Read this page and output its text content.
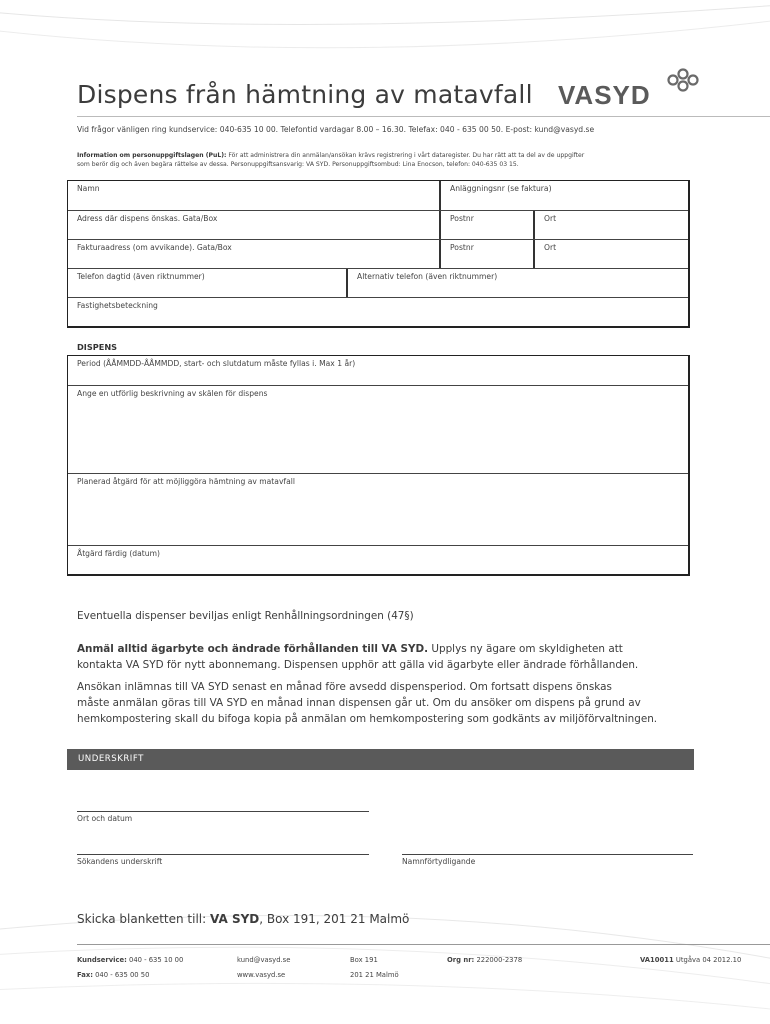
Dispens från hämtning av matavfall VASYD
Vid frågor vänligen ring kundservice: 040-635 10 00. Telefontid vardagar 8.00 – 16.30. Telefax: 040 - 635 00 50. E-post: kund@vasyd.se
Information om personuppgiftslagen (PuL): För att administrera din anmälan/ansökan krävs registrering i vårt dataregister. Du har rätt att ta del av de uppgifter
som berör dig och även begära rättelse av dessa. Personuppgiftsansvarig: VA SYD. Personuppgiftsombud: Lina Enocson, telefon: 040-635 03 15.
Namn	Anläggningsnr (se faktura)
Adress där dispens önskas. Gata/Box	Postnr	Ort
Fakturaadress (om avvikande). Gata/Box	Postnr	Ort
Telefon dagtid (även riktnummer)	Alternativ telefon (även riktnummer)
Fastighetsbeteckning
DISPENS
Period (ÅÅMMDD-ÅÅMMDD, start- och slutdatum måste fyllas i. Max 1 år)
Ange en utförlig beskrivning av skälen för dispens
Planerad åtgärd för att möjliggöra hämtning av matavfall
Åtgärd färdig (datum)
Eventuella dispenser beviljas enligt Renhållningsordningen (47§)
Anmäl alltid ägarbyte och ändrade förhållanden till VA SYD. Upplys ny ägare om skyldigheten att
kontakta VA SYD för nytt abonnemang. Dispensen upphör att gälla vid ägarbyte eller ändrade förhållanden.
Ansökan inlämnas till VA SYD senast en månad före avsedd dispensperiod. Om fortsatt dispens önskas
måste anmälan göras till VA SYD en månad innan dispensen går ut. Om du ansöker om dispens på grund av
hemkompostering skall du bifoga kopia på anmälan om hemkompostering som godkänts av miljöförvaltningen.
UNDERSKRIFT
Ort och datum
Sökandens underskrift	Namnförtydligande
Skicka blanketten till: VA SYD, Box 191, 201 21 Malmö
Kundservice: 040 - 635 10 00
Fax: 040 - 635 00 50
kund@vasyd.se
www.vasyd.se
Box 191
201 21 Malmö
Org nr: 222000-2378	VA10011 Utgåva 04 2012.10
